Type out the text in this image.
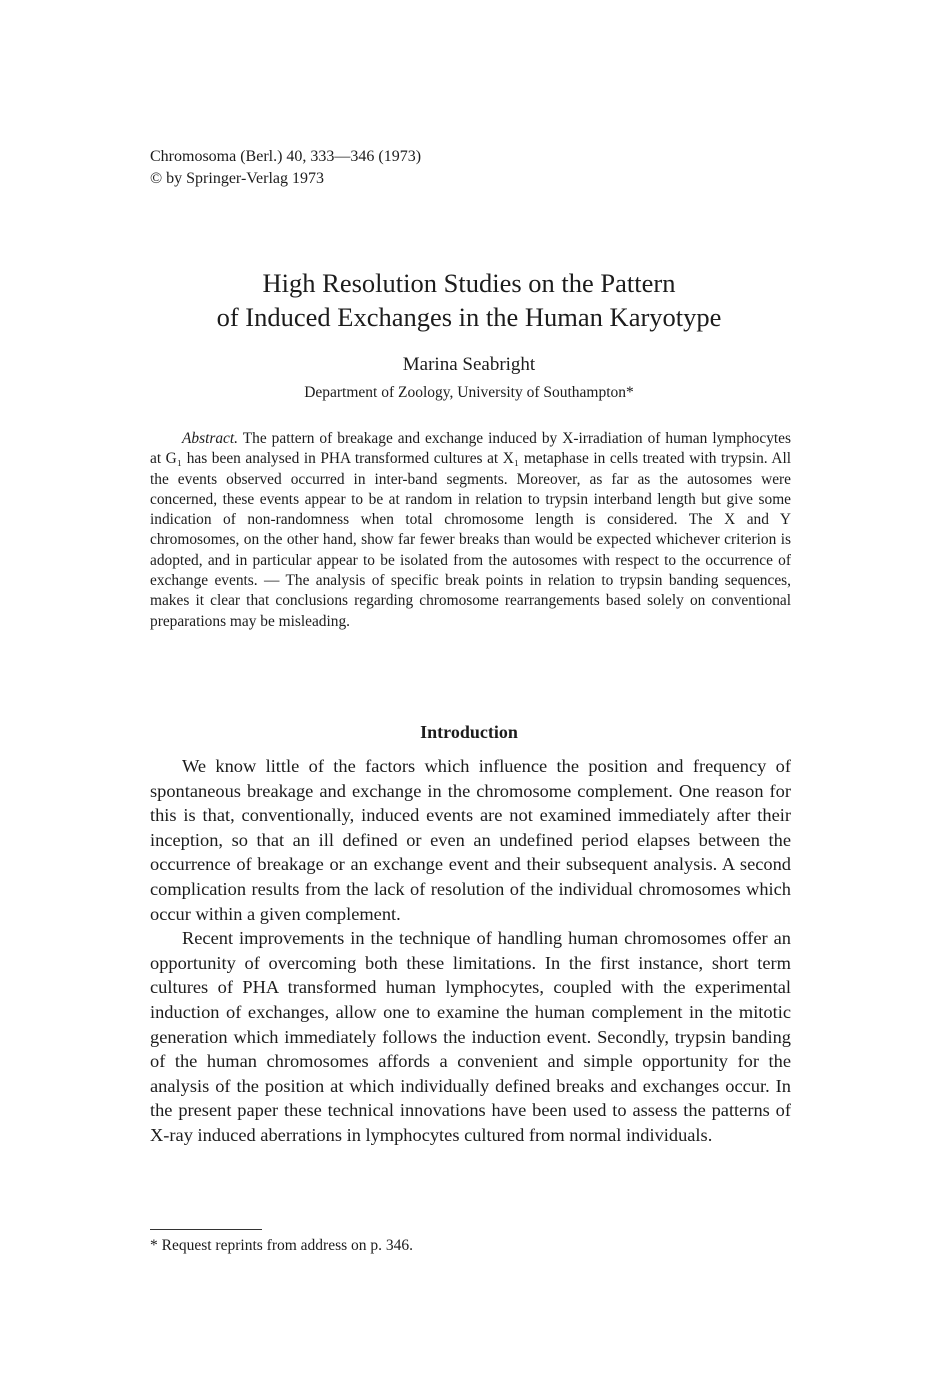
Chromosoma (Berl.) 40, 333—346 (1973)
© by Springer-Verlag 1973
High Resolution Studies on the Pattern
of Induced Exchanges in the Human Karyotype
Marina Seabright
Department of Zoology, University of Southampton*
Abstract. The pattern of breakage and exchange induced by X-irradiation of human lymphocytes at G₁ has been analysed in PHA transformed cultures at X₁ metaphase in cells treated with trypsin. All the events observed occurred in inter-band segments. Moreover, as far as the autosomes were concerned, these events appear to be at random in relation to trypsin interband length but give some indication of non-randomness when total chromosome length is considered. The X and Y chromosomes, on the other hand, show far fewer breaks than would be expected whichever criterion is adopted, and in particular appear to be isolated from the autosomes with respect to the occurrence of exchange events. — The analysis of specific break points in relation to trypsin banding sequences, makes it clear that conclusions regarding chromosome rearrangements based solely on conventional preparations may be misleading.
Introduction

We know little of the factors which influence the position and frequency of spontaneous breakage and exchange in the chromosome complement. One reason for this is that, conventionally, induced events are not examined immediately after their inception, so that an ill defined or even an undefined period elapses between the occurrence of breakage or an exchange event and their subsequent analysis. A second complication results from the lack of resolution of the individual chromosomes which occur within a given complement.

Recent improvements in the technique of handling human chromosomes offer an opportunity of overcoming both these limitations. In the first instance, short term cultures of PHA transformed human lymphocytes, coupled with the experimental induction of exchanges, allow one to examine the human complement in the mitotic generation which immediately follows the induction event. Secondly, trypsin banding of the human chromosomes affords a convenient and simple opportunity for the analysis of the position at which individually defined breaks and exchanges occur. In the present paper these technical innovations have been used to assess the patterns of X-ray induced aberrations in lymphocytes cultured from normal individuals.

* Request reprints from address on p. 346.
